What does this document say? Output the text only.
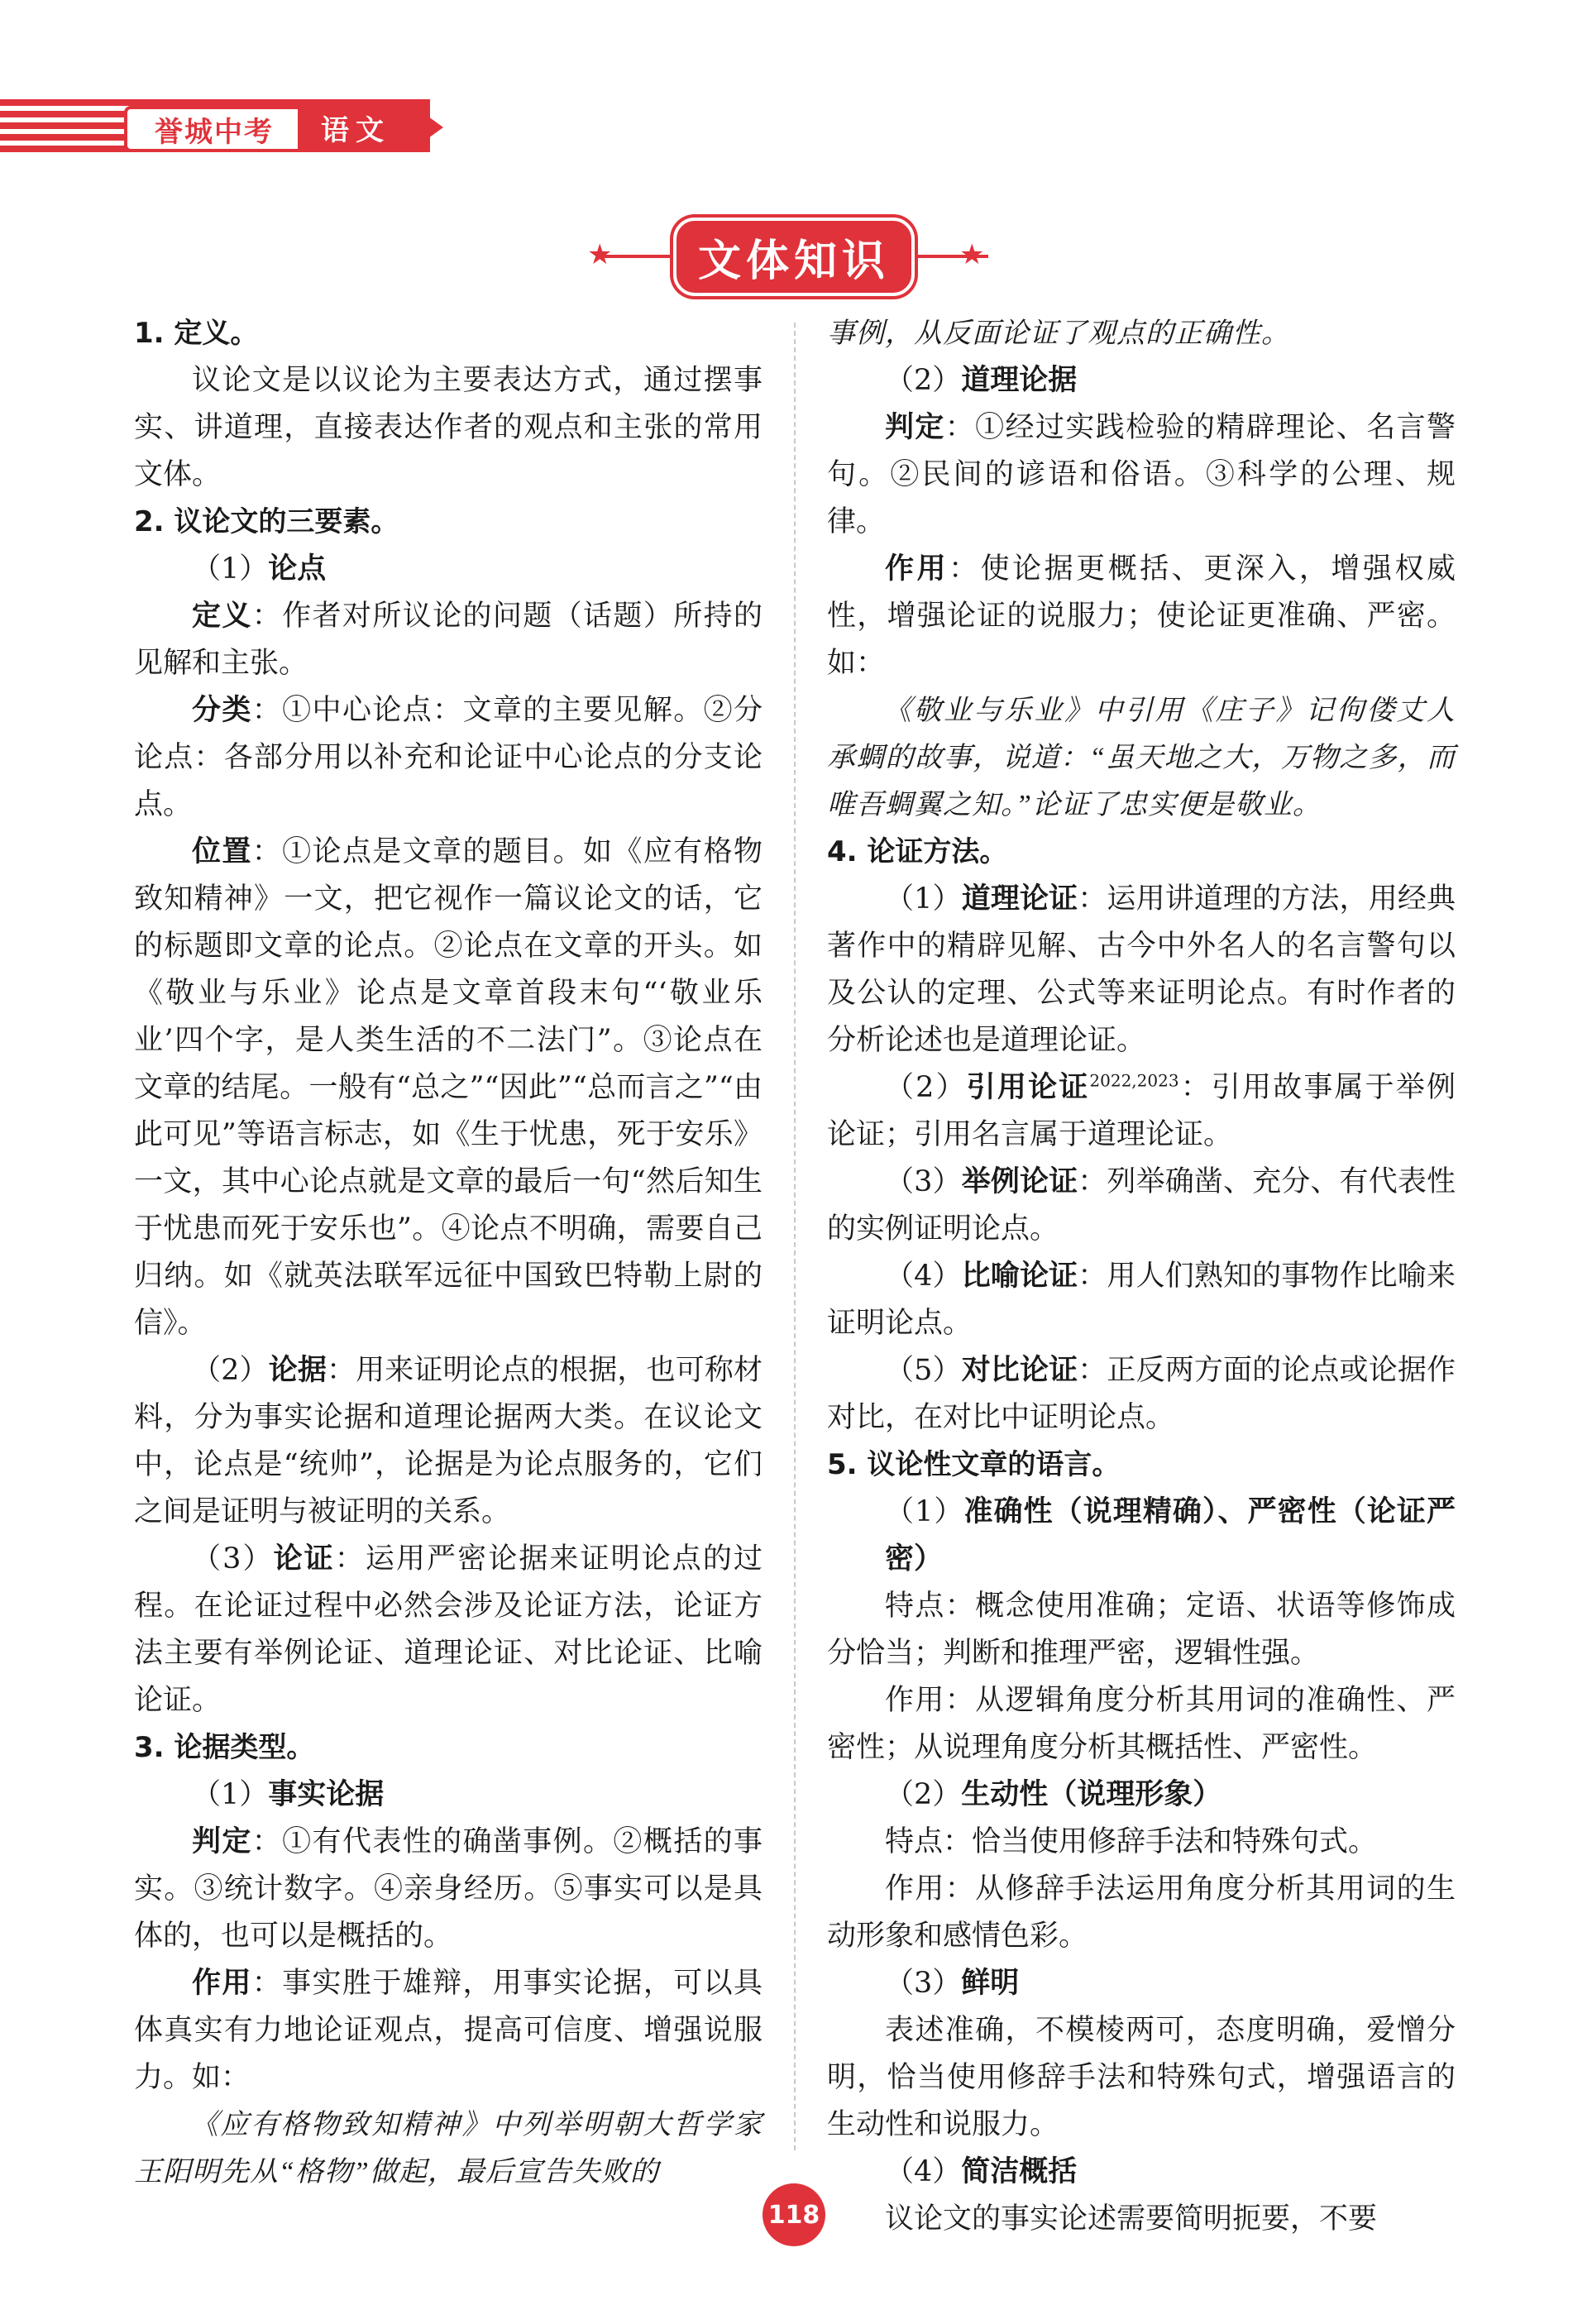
誉城中考	语文
★	★
文体知识

1. 定义。

议论文是以议论为主要表达方式，通过摆事实、讲道理，直接表达作者的观点和主张的常用文体。

2. 议论文的三要素。

（1）论点

定义：作者对所议论的问题（话题）所持的见解和主张。

分类：①中心论点：文章的主要见解。②分论点：各部分用以补充和论证中心论点的分支论点。

位置：①论点是文章的题目。如《应有格物致知精神》一文，把它视作一篇议论文的话，它的标题即文章的论点。②论点在文章的开头。如《敬业与乐业》论点是文章首段末句“‘敬业乐业’四个字，是人类生活的不二法门”。③论点在文章的结尾。一般有“总之”“因此”“总而言之”“由此可见”等语言标志，如《生于忧患，死于安乐》一文，其中心论点就是文章的最后一句“然后知生于忧患而死于安乐也”。④论点不明确，需要自己归纳。如《就英法联军远征中国致巴特勒上尉的信》。

（2）论据：用来证明论点的根据，也可称材料，分为事实论据和道理论据两大类。在议论文中，论点是“统帅”，论据是为论点服务的，它们之间是证明与被证明的关系。

（3）论证：运用严密论据来证明论点的过程。在论证过程中必然会涉及论证方法，论证方法主要有举例论证、道理论证、对比论证、比喻论证。

3. 论据类型。

（1）事实论据

判定：①有代表性的确凿事例。②概括的事实。③统计数字。④亲身经历。⑤事实可以是具体的，也可以是概括的。

作用：事实胜于雄辩，用事实论据，可以具体真实有力地论证观点，提高可信度、增强说服力。如：

《应有格物致知精神》中列举明朝大哲学家王阳明先从“格物”做起，最后宣告失败的

事例，从反面论证了观点的正确性。

（2）道理论据

判定：①经过实践检验的精辟理论、名言警句。②民间的谚语和俗语。③科学的公理、规律。

作用：使论据更概括、更深入，增强权威性，增强论证的说服力；使论证更准确、严密。如：

《敬业与乐业》中引用《庄子》记佝偻丈人承蜩的故事，说道：“虽天地之大，万物之多，而唯吾蜩翼之知。”论证了忠实便是敬业。

4. 论证方法。

（1）道理论证：运用讲道理的方法，用经典著作中的精辟见解、古今中外名人的名言警句以及公认的定理、公式等来证明论点。有时作者的分析论述也是道理论证。

（2）引用论证$^{2022,2023}$：引用故事属于举例论证；引用名言属于道理论证。

（3）举例论证：列举确凿、充分、有代表性的实例证明论点。

（4）比喻论证：用人们熟知的事物作比喻来证明论点。

（5）对比论证：正反两方面的论点或论据作对比，在对比中证明论点。

5. 议论性文章的语言。

（1）准确性（说理精确）、严密性（论证严密）

特点：概念使用准确；定语、状语等修饰成分恰当；判断和推理严密，逻辑性强。

作用：从逻辑角度分析其用词的准确性、严密性；从说理角度分析其概括性、严密性。

（2）生动性（说理形象）

特点：恰当使用修辞手法和特殊句式。

作用：从修辞手法运用角度分析其用词的生动形象和感情色彩。

（3）鲜明

表述准确，不模棱两可，态度明确，爱憎分明，恰当使用修辞手法和特殊句式，增强语言的生动性和说服力。

（4）简洁概括

议论文的事实论述需要简明扼要，不要

118
